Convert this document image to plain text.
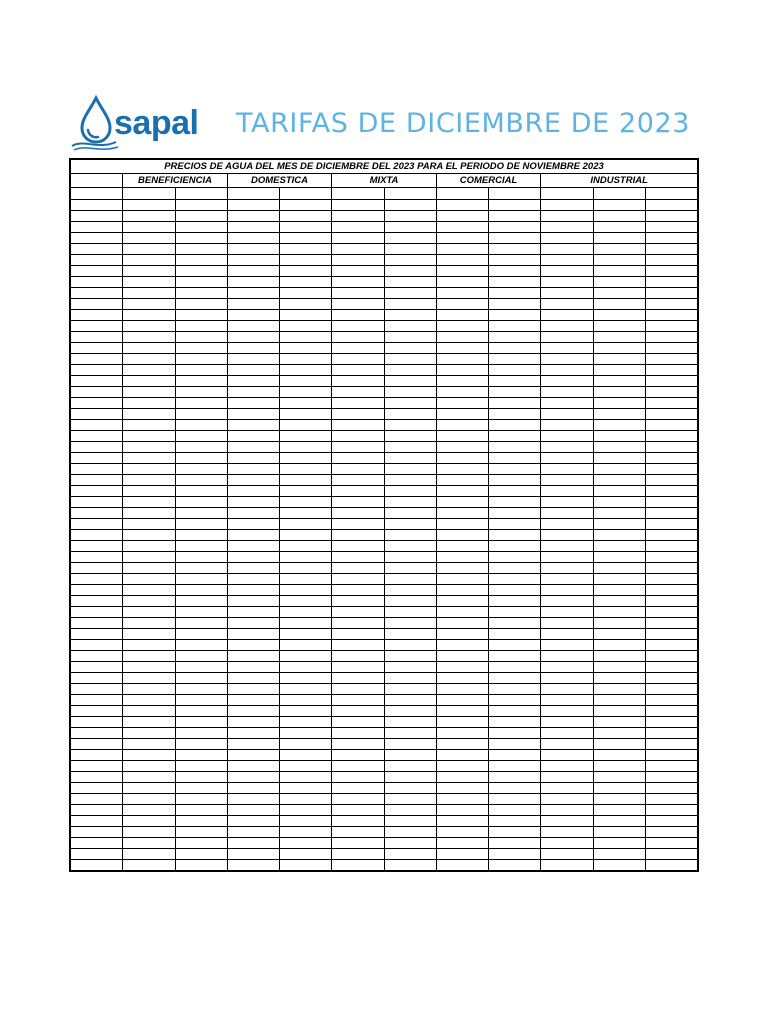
sapal TARIFAS DE DICIEMBRE DE 2023
PRECIOS DE AGUA DEL MES DE DICIEMBRE DEL 2023 PARA EL PERIODO DE NOVIEMBRE 2023											
	BENEFICIENCIA		DOMESTICA		MIXTA		COMERCIAL		INDUSTRIAL		
